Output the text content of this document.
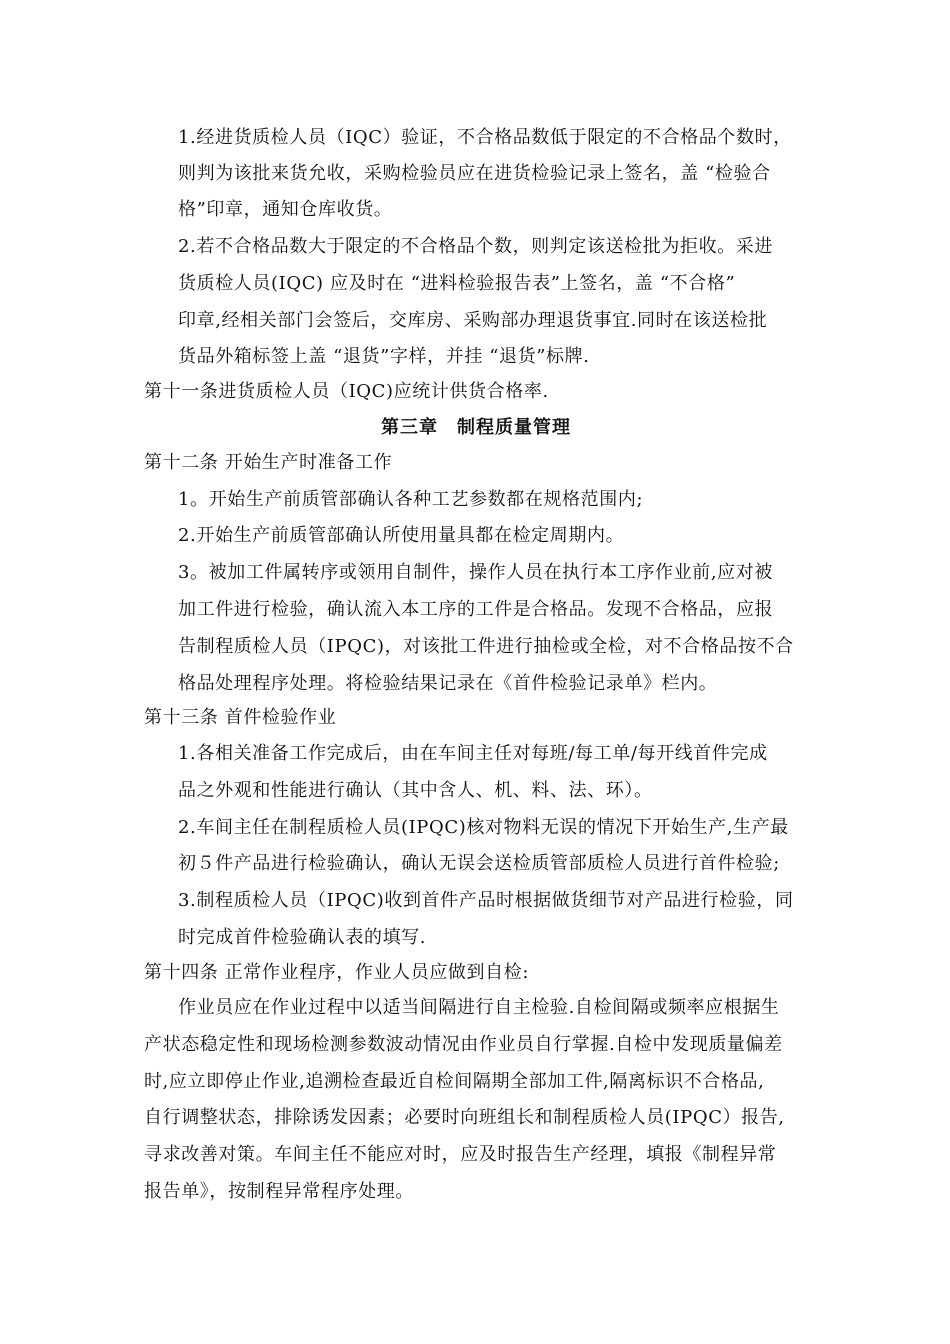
1.经进货质检人员（IQC）验证，不合格品数低于限定的不合格品个数时，
则判为该批来货允收，采购检验员应在进货检验记录上签名，盖 “检验合
格”印章，通知仓库收货。
2.若不合格品数大于限定的不合格品个数，则判定该送检批为拒收。采进
货质检人员(IQC) 应及时在 “进料检验报告表”上签名，盖 “不合格”
印章,经相关部门会签后，交库房、采购部办理退货事宜.同时在该送检批
货品外箱标签上盖 “退货”字样，并挂 “退货”标牌.
第十一条进货质检人员（IQC)应统计供货合格率.
第三章　制程质量管理
第十二条 开始生产时准备工作
1。开始生产前质管部确认各种工艺参数都在规格范围内;
2.开始生产前质管部确认所使用量具都在检定周期内。
3。被加工件属转序或领用自制件，操作人员在执行本工序作业前,应对被
加工件进行检验，确认流入本工序的工件是合格品。发现不合格品，应报
告制程质检人员（IPQC)，对该批工件进行抽检或全检，对不合格品按不合
格品处理程序处理。将检验结果记录在《首件检验记录单》栏内。
第十三条 首件检验作业
1.各相关准备工作完成后，由在车间主任对每班/每工单/每开线首件完成
品之外观和性能进行确认（其中含人、机、料、法、环）。
2.车间主任在制程质检人员(IPQC)核对物料无误的情况下开始生产,生产最
初５件产品进行检验确认，确认无误会送检质管部质检人员进行首件检验;
3.制程质检人员（IPQC)收到首件产品时根据做货细节对产品进行检验，同
时完成首件检验确认表的填写.
第十四条 正常作业程序，作业人员应做到自检:
作业员应在作业过程中以适当间隔进行自主检验.自检间隔或频率应根据生
产状态稳定性和现场检测参数波动情况由作业员自行掌握.自检中发现质量偏差
时,应立即停止作业,追溯检查最近自检间隔期全部加工件,隔离标识不合格品,
自行调整状态，排除诱发因素；必要时向班组长和制程质检人员(IPQC）报告,
寻求改善对策。车间主任不能应对时，应及时报告生产经理，填报《制程异常
报告单》，按制程异常程序处理。
